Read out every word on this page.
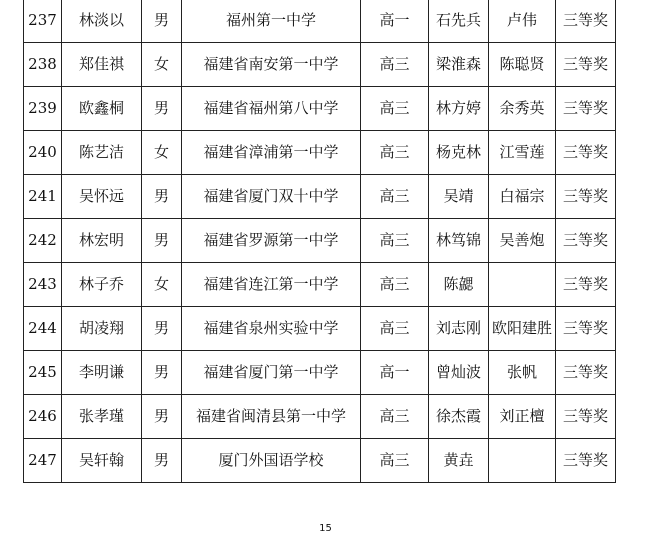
237	林淡以	男	福州第一中学	高一	石先兵	卢伟	三等奖
238	郑佳祺	女	福建省南安第一中学	高三	梁淮森	陈聪贤	三等奖
239	欧鑫桐	男	福建省福州第八中学	高三	林方婷	余秀英	三等奖
240	陈艺洁	女	福建省漳浦第一中学	高三	杨克林	江雪莲	三等奖
241	吴怀远	男	福建省厦门双十中学	高三	吴靖	白福宗	三等奖
242	林宏明	男	福建省罗源第一中学	高三	林笃锦	吴善炮	三等奖
243	林子乔	女	福建省连江第一中学	高三	陈勰		三等奖
244	胡凌翔	男	福建省泉州实验中学	高三	刘志刚	欧阳建胜	三等奖
245	李明谦	男	福建省厦门第一中学	高一	曾灿波	张帆	三等奖
246	张孝瑾	男	福建省闽清县第一中学	高三	徐杰霞	刘正檀	三等奖
247	吴轩翰	男	厦门外国语学校	高三	黄垚		三等奖
15
